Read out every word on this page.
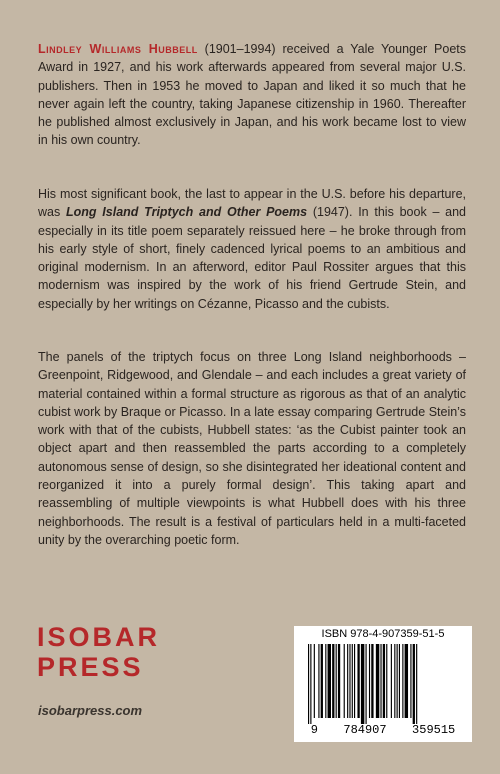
Lindley Williams Hubbell (1901–1994) received a Yale Younger Poets Award in 1927, and his work afterwards appeared from several major U.S. publishers. Then in 1953 he moved to Japan and liked it so much that he never again left the country, taking Japanese citizenship in 1960. Thereafter he published almost exclusively in Japan, and his work became lost to view in his own country.
His most significant book, the last to appear in the U.S. before his departure, was Long Island Triptych and Other Poems (1947). In this book – and especially in its title poem separately reissued here – he broke through from his early style of short, finely cadenced lyrical poems to an ambitious and original modernism. In an afterword, editor Paul Rossiter argues that this modernism was inspired by the work of his friend Gertrude Stein, and especially by her writings on Cézanne, Picasso and the cubists.
The panels of the triptych focus on three Long Island neighborhoods – Greenpoint, Ridgewood, and Glendale – and each includes a great variety of material contained within a formal structure as rigorous as that of an analytic cubist work by Braque or Picasso. In a late essay comparing Gertrude Stein’s work with that of the cubists, Hubbell states: ‘as the Cubist painter took an object apart and then reassembled the parts according to a completely autonomous sense of design, so she disintegrated her ideational content and reorganized it into a purely formal design’. This taking apart and reassembling of multiple viewpoints is what Hubbell does with his three neighborhoods. The result is a festival of particulars held in a multi-faceted unity by the overarching poetic form.
ISOBAR
PRESS
isobarpress.com
ISBN 978-4-907359-51-5
9 784907 359515
